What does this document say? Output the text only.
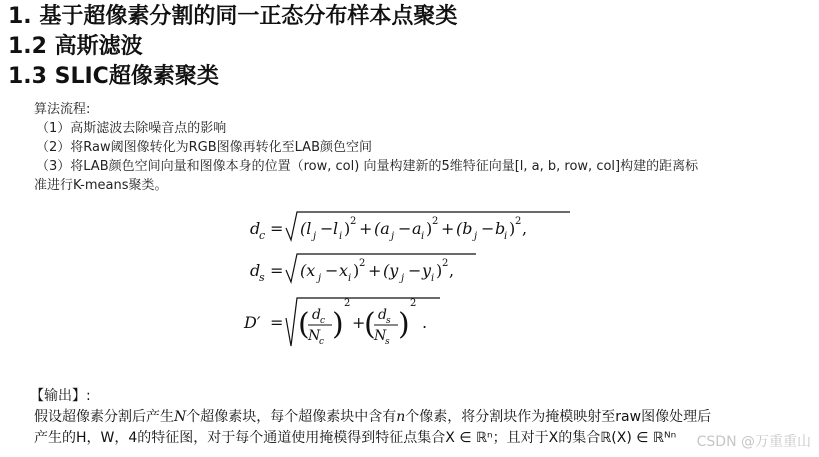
1. 基于超像素分割的同一正态分布样本点聚类
1.2 高斯滤波
1.3 SLIC超像素聚类
算法流程:
（1）高斯滤波去除噪音点的影响
（2）将Raw阈图像转化为RGB图像再转化至LAB颜色空间
（3）将LAB颜色空间向量和图像本身的位置（row, col) 向量构建新的5维特征向量[l, a, b, row, col]构建的距离标
准进行K-means聚类。
d
c = (l j − l i ) 2 + (a j − a i ) 2 + (b j − b
i ) 2 ,
d
s = (x j − x i ) 2 + (y j − y i ) 2 ,
D′ = ( d c
N
c )
2
+
( d s
N
s )
2
.
【输出】:
假设超像素分割后产生N个超像素块，每个超像素块中含有n个像素，将分割块作为掩模映射至raw图像处理后
产生的H，W，4的特征图，对于每个通道使用掩模得到特征点集合X ∈ ℝⁿ；且对于X的集合ℝ(X) ∈ ℝᴺⁿ	CSDN @万重重山
